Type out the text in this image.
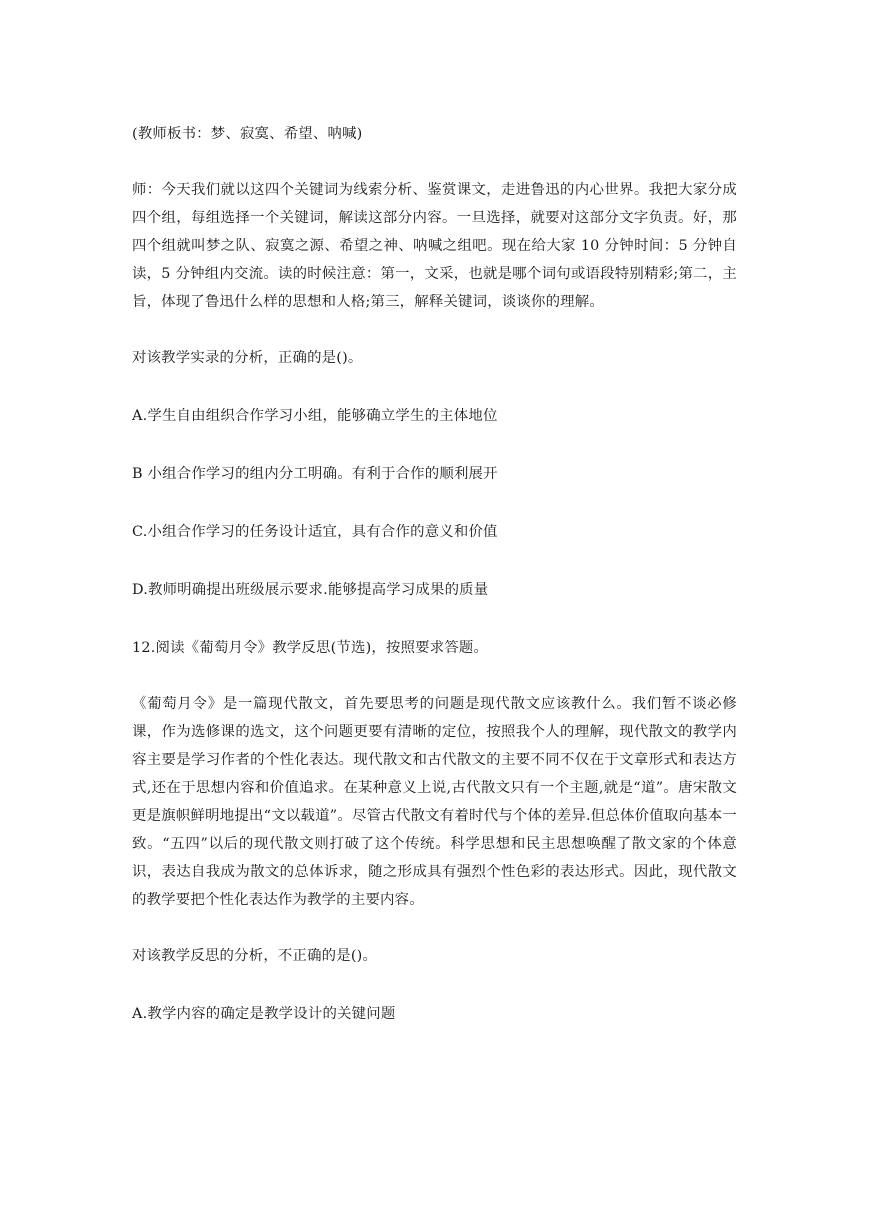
(教师板书：梦、寂寞、希望、呐喊)

师：今天我们就以这四个关键词为线索分析、鉴赏课文，走进鲁迅的内心世界。我把大家分成四个组，每组选择一个关键词，解读这部分内容。一旦选择，就要对这部分文字负责。好，那四个组就叫梦之队、寂寞之源、希望之神、呐喊之组吧。现在给大家 10 分钟时间：5 分钟自读，5 分钟组内交流。读的时候注意：第一，文采，也就是哪个词句或语段特别精彩;第二，主旨，体现了鲁迅什么样的思想和人格;第三，解释关键词，谈谈你的理解。

对该教学实录的分析，正确的是()。

A.学生自由组织合作学习小组，能够确立学生的主体地位

B 小组合作学习的组内分工明确。有利于合作的顺利展开

C.小组合作学习的任务设计适宜，具有合作的意义和价值

D.教师明确提出班级展示要求.能够提高学习成果的质量

12.阅读《葡萄月令》教学反思(节选)，按照要求答题。

《葡萄月令》是一篇现代散文，首先要思考的问题是现代散文应该教什么。我们暂不谈必修课，作为选修课的选文，这个问题更要有清晰的定位，按照我个人的理解，现代散文的教学内容主要是学习作者的个性化表达。现代散文和古代散文的主要不同不仅在于文章形式和表达方式,还在于思想内容和价值追求。在某种意义上说,古代散文只有一个主题,就是“道”。唐宋散文更是旗帜鲜明地提出“文以载道”。尽管古代散文有着时代与个体的差异.但总体价值取向基本一致。“五四”以后的现代散文则打破了这个传统。科学思想和民主思想唤醒了散文家的个体意识，表达自我成为散文的总体诉求，随之形成具有强烈个性色彩的表达形式。因此，现代散文的教学要把个性化表达作为教学的主要内容。

对该教学反思的分析，不正确的是()。

A.教学内容的确定是教学设计的关键问题
